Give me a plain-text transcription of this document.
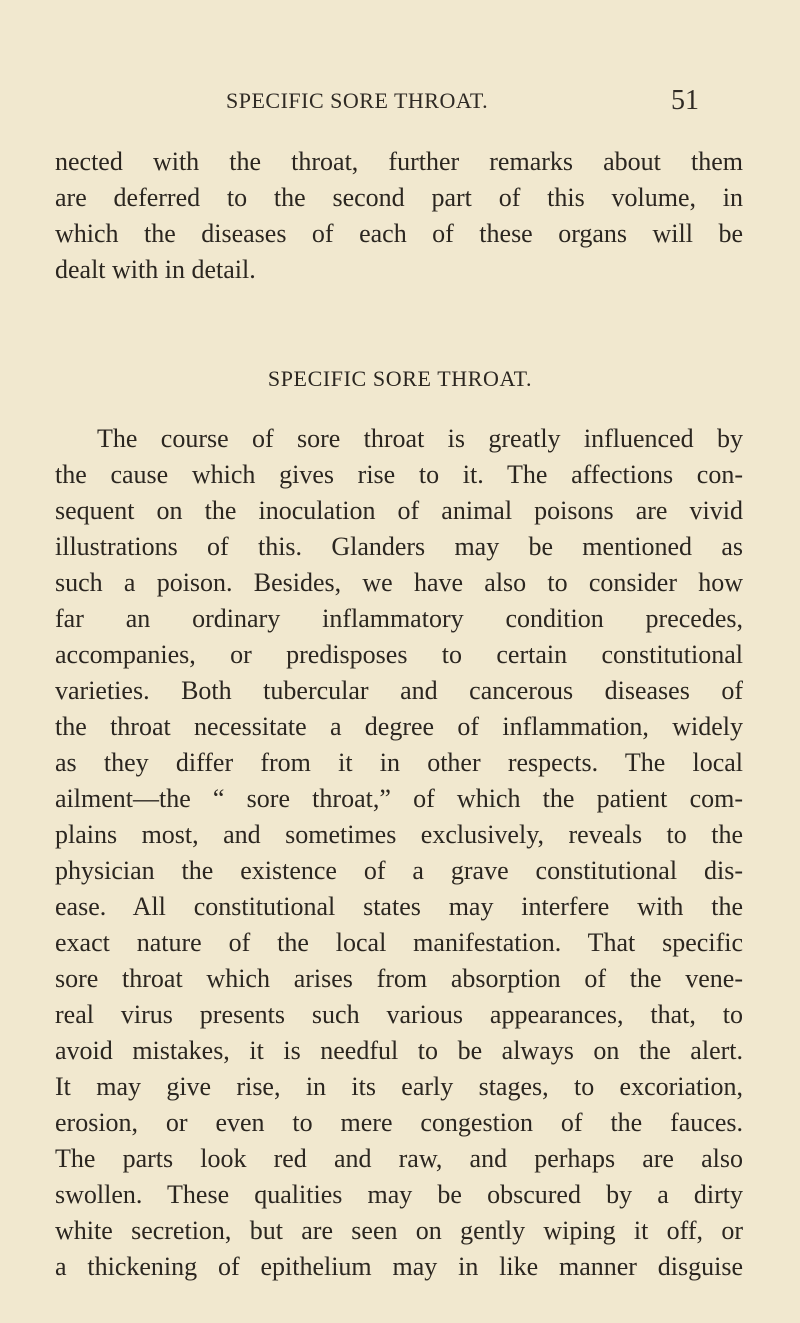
SPECIFIC SORE THROAT.	51
nected with the throat, further remarks about them
are deferred to the second part of this volume, in
which the diseases of each of these organs will be
dealt with in detail.
SPECIFIC SORE THROAT.
The course of sore throat is greatly influenced by
the cause which gives rise to it. The affections con-
sequent on the inoculation of animal poisons are vivid
illustrations of this. Glanders may be mentioned as
such a poison. Besides, we have also to consider how
far an ordinary inflammatory condition precedes,
accompanies, or predisposes to certain constitutional
varieties. Both tubercular and cancerous diseases of
the throat necessitate a degree of inflammation, widely
as they differ from it in other respects. The local
ailment—the “ sore throat,” of which the patient com-
plains most, and sometimes exclusively, reveals to the
physician the existence of a grave constitutional dis-
ease. All constitutional states may interfere with the
exact nature of the local manifestation. That specific
sore throat which arises from absorption of the vene-
real virus presents such various appearances, that, to
avoid mistakes, it is needful to be always on the alert.
It may give rise, in its early stages, to excoriation,
erosion, or even to mere congestion of the fauces.
The parts look red and raw, and perhaps are also
swollen. These qualities may be obscured by a dirty
white secretion, but are seen on gently wiping it off, or
a thickening of epithelium may in like manner disguise
